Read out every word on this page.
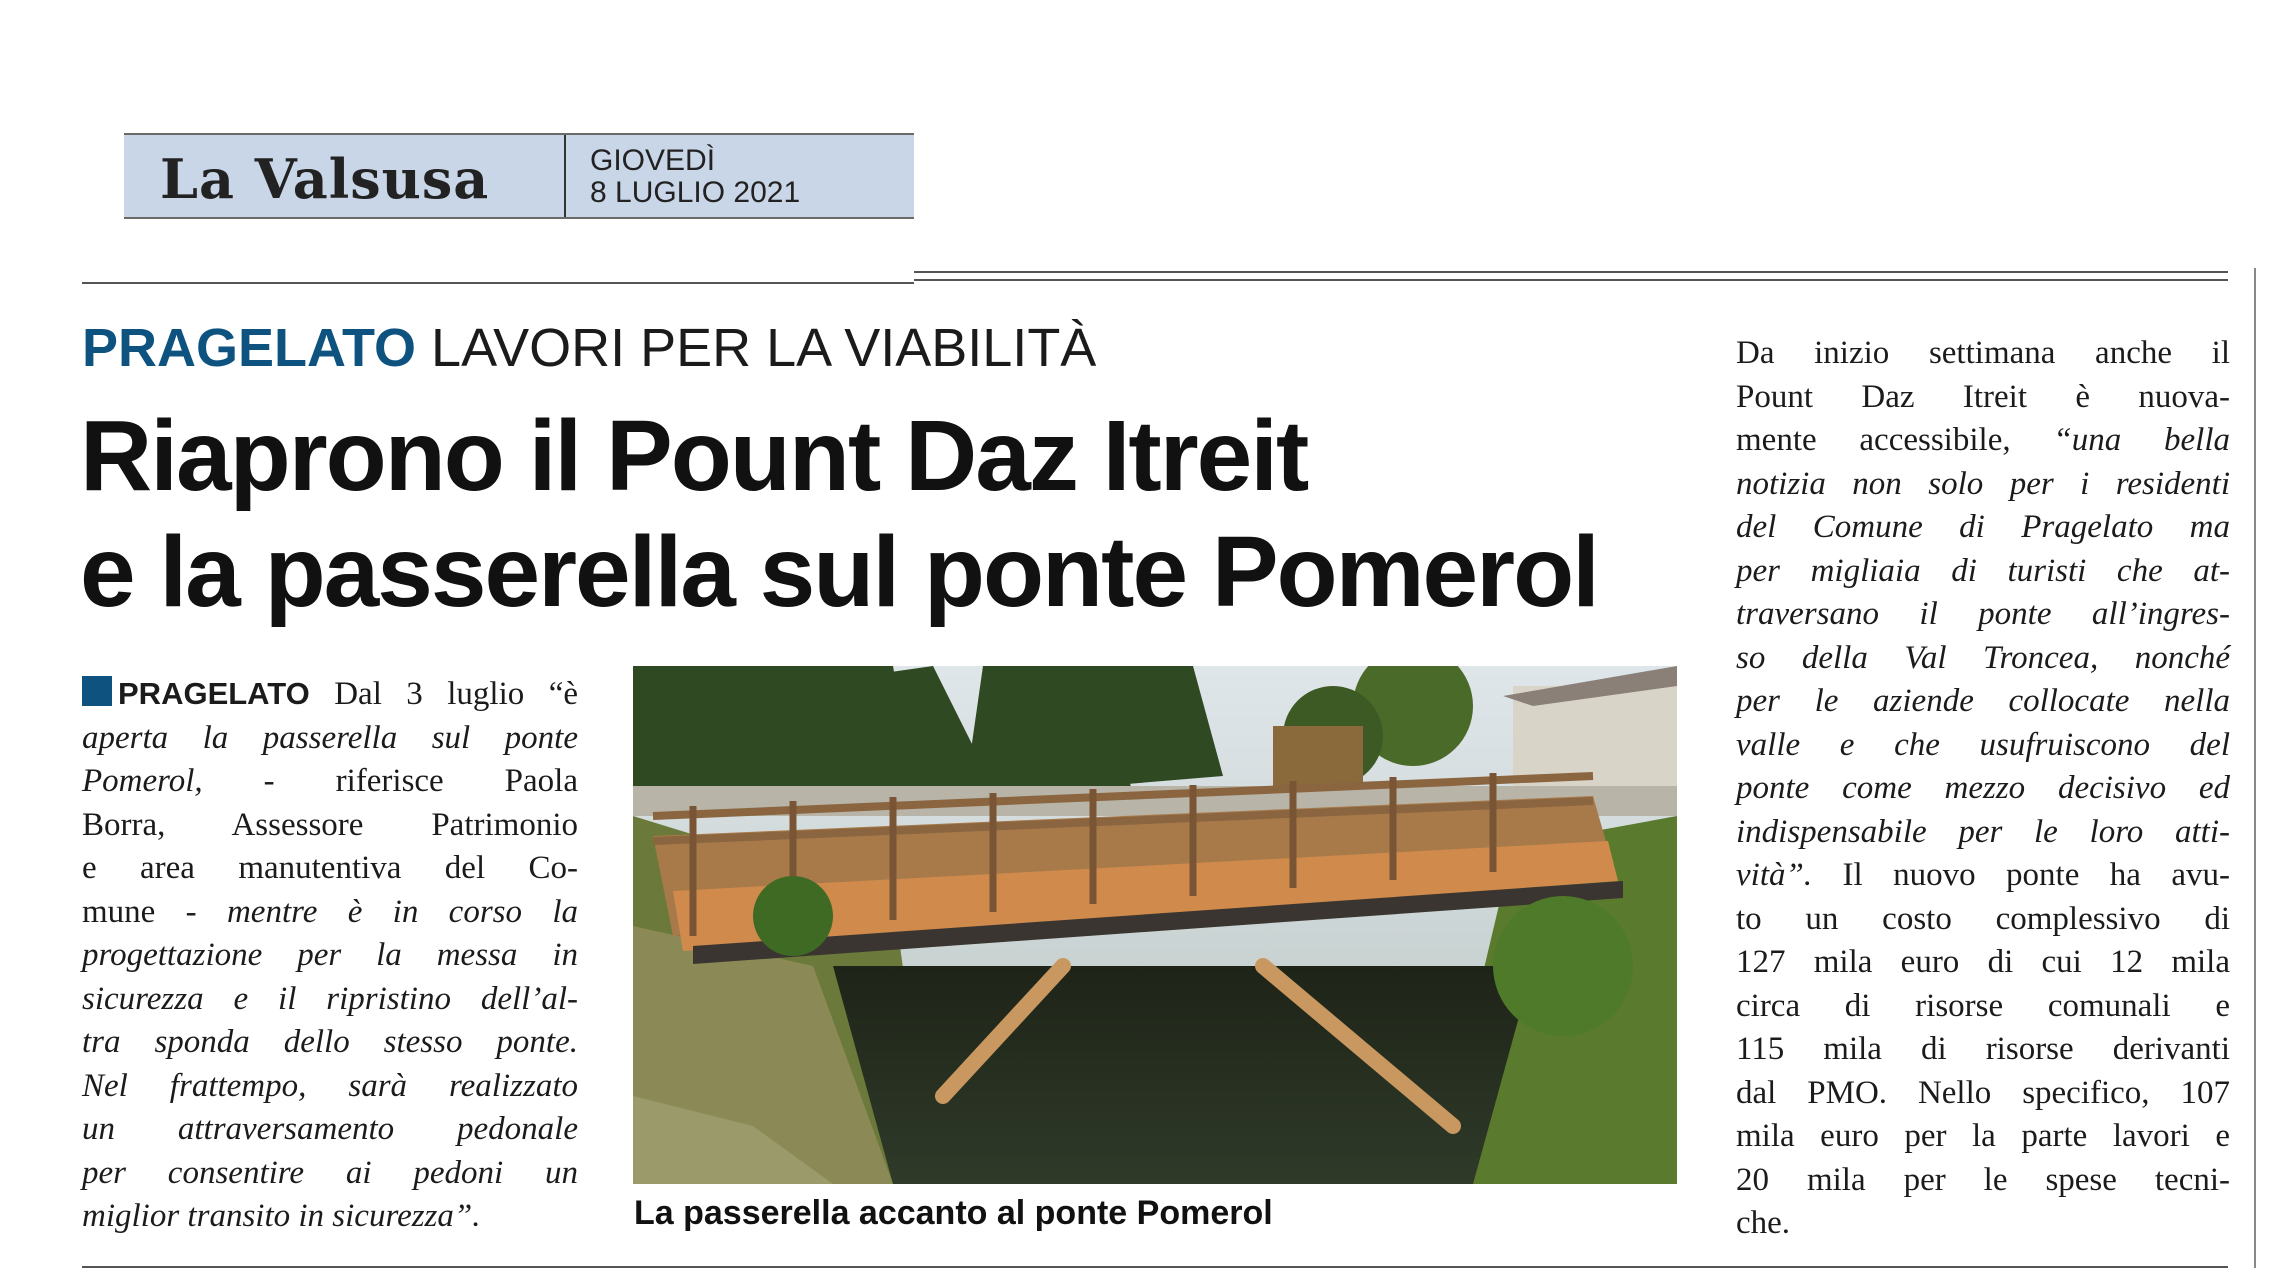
La Valsusa	GIOVEDÌ
8 LUGLIO 2021
PRAGELATO LAVORI PER LA VIABILITÀ
Riaprono il Pount Daz Itreit
e la passerella sul ponte Pomerol
PRAGELATO Dal 3 luglio “è
aperta la passerella sul ponte
Pomerol, - riferisce Paola
Borra, Assessore Patrimonio
e area manutentiva del Co-
mune - mentre è in corso la
progettazione per la messa in
sicurezza e il ripristino dell’al-
tra sponda dello stesso ponte.
Nel frattempo, sarà realizzato
un attraversamento pedonale
per consentire ai pedoni un
miglior transito in sicurezza”.	La passerella accanto al ponte Pomerol
Da inizio settimana anche il
Pount Daz Itreit è nuova-
mente accessibile, “una bella
notizia non solo per i residenti
del Comune di Pragelato ma
per migliaia di turisti che at-
traversano il ponte all’ingres-
so della Val Troncea, nonché
per le aziende collocate nella
valle e che usufruiscono del
ponte come mezzo decisivo ed
indispensabile per le loro atti-
vità”. Il nuovo ponte ha avu-
to un costo complessivo di
127 mila euro di cui 12 mila
circa di risorse comunali e
115 mila di risorse derivanti
dal PMO. Nello specifico, 107
mila euro per la parte lavori e
20 mila per le spese tecni-
che.
